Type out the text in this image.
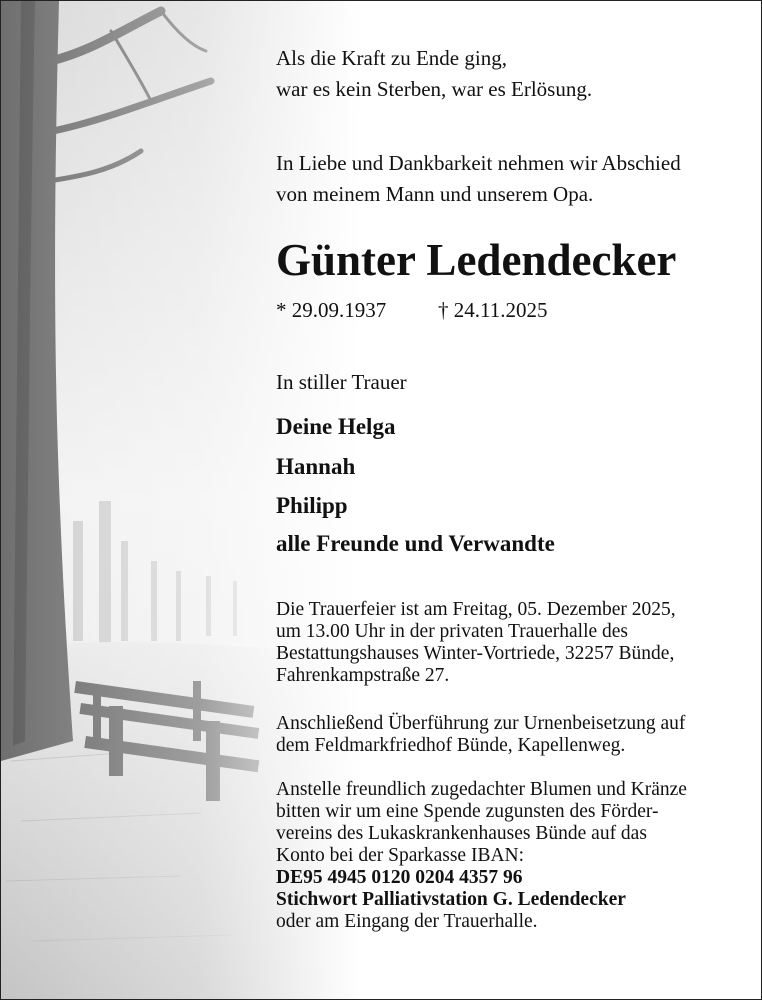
Als die Kraft zu Ende ging,

war es kein Sterben, war es Erlösung.

In Liebe und Dankbarkeit nehmen wir Abschied

von meinem Mann und unserem Opa.

Günter Ledendecker
* 29.09.1937 † 24.11.2025

In stiller Trauer

Deine Helga
Hannah
Philipp
alle Freunde und Verwandte
Die Trauerfeier ist am Freitag, 05. Dezember 2025,
um 13.00 Uhr in der privaten Trauerhalle des
Bestattungshauses Winter-Vortriede, 32257 Bünde,
Fahrenkampstraße 27.
Anschließend Überführung zur Urnenbeisetzung auf
dem Feldmarkfriedhof Bünde, Kapellenweg.
Anstelle freundlich zugedachter Blumen und Kränze
bitten wir um eine Spende zugunsten des Förder-
vereins des Lukaskrankenhauses Bünde auf das
Konto bei der Sparkasse IBAN:
DE95 4945 0120 0204 4357 96
Stichwort Palliativstation G. Ledendecker
oder am Eingang der Trauerhalle.
